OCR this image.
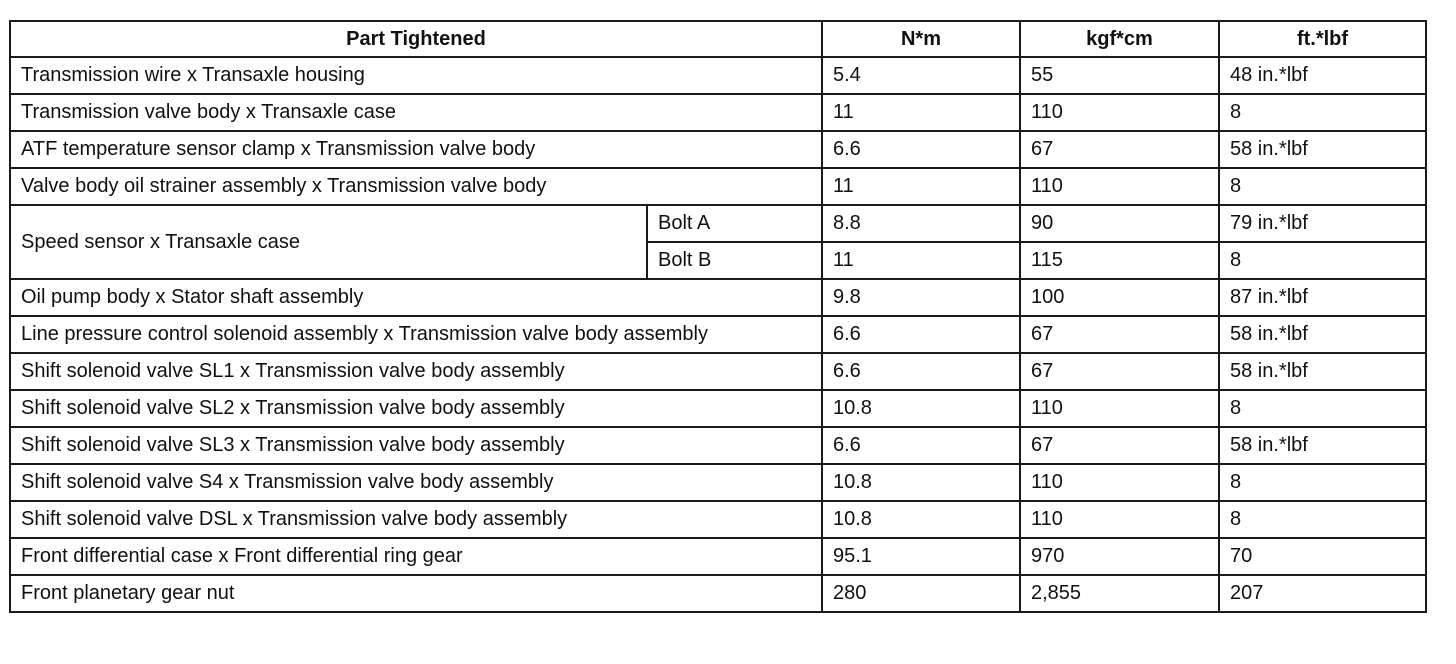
Part Tightened		N*m	kgf*cm	ft.*lbf
Transmission wire x Transaxle housing		5.4	55	48 in.*lbf
Transmission valve body x Transaxle case		11	110	8
ATF temperature sensor clamp x Transmission valve body		6.6	67	58 in.*lbf
Valve body oil strainer assembly x Transmission valve body		11	110	8
Speed sensor x Transaxle case	Bolt A	8.8	90	79 in.*lbf
	Bolt B	11	115	8
Oil pump body x Stator shaft assembly		9.8	100	87 in.*lbf
Line pressure control solenoid assembly x Transmission valve body assembly		6.6	67	58 in.*lbf
Shift solenoid valve SL1 x Transmission valve body assembly		6.6	67	58 in.*lbf
Shift solenoid valve SL2 x Transmission valve body assembly		10.8	110	8
Shift solenoid valve SL3 x Transmission valve body assembly		6.6	67	58 in.*lbf
Shift solenoid valve S4 x Transmission valve body assembly		10.8	110	8
Shift solenoid valve DSL x Transmission valve body assembly		10.8	110	8
Front differential case x Front differential ring gear		95.1	970	70
Front planetary gear nut		280	2,855	207
